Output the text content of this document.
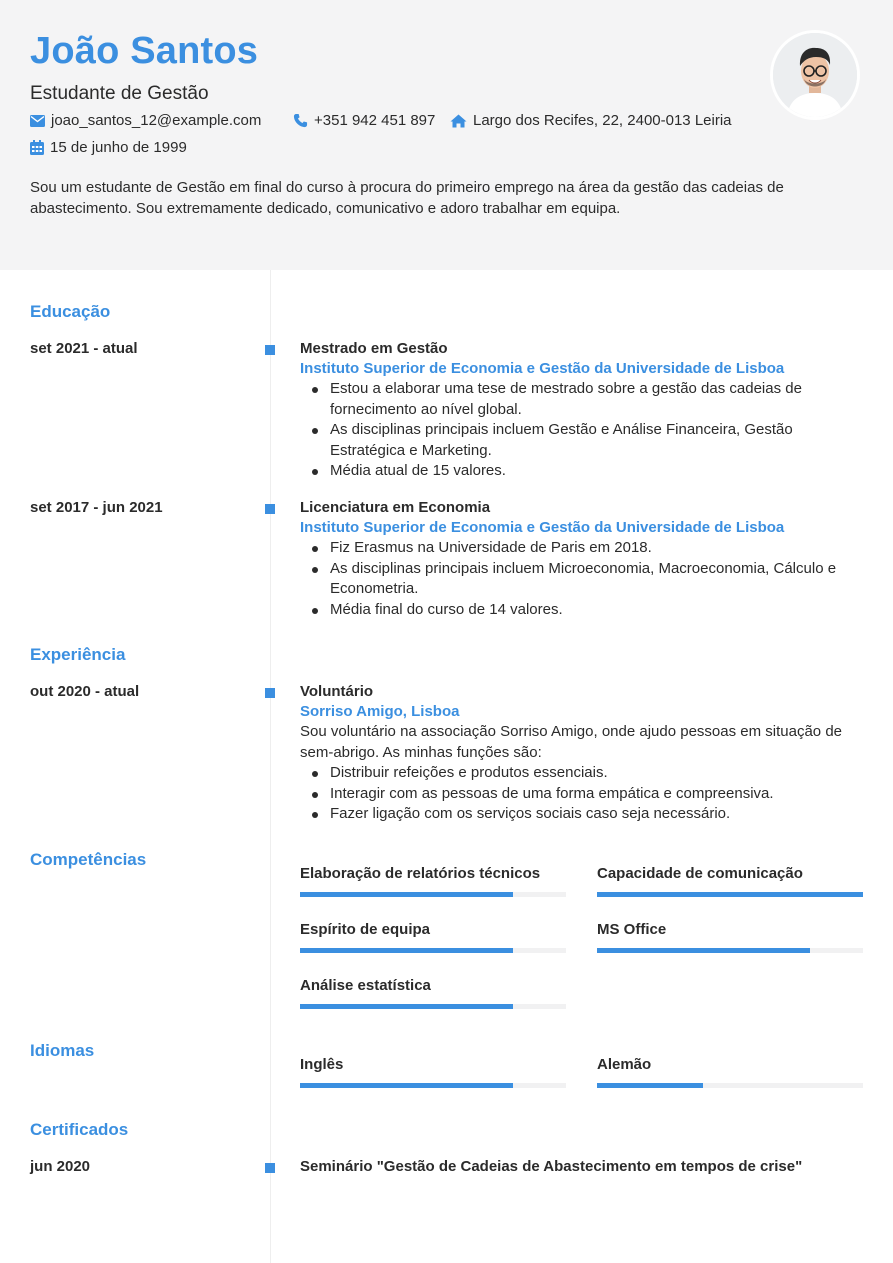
João Santos
Estudante de Gestão
joao_santos_12@example.com	+351 942 451 897	Largo dos Recifes, 22, 2400-013 Leiria
15 de junho de 1999
Sou um estudante de Gestão em final do curso à procura do primeiro emprego na área da gestão das cadeias de abastecimento. Sou extremamente dedicado, comunicativo e adoro trabalhar em equipa.
Educação
set 2021 - atual	Mestrado em Gestão
Instituto Superior de Economia e Gestão da Universidade de Lisboa
Estou a elaborar uma tese de mestrado sobre a gestão das cadeias de fornecimento ao nível global.
As disciplinas principais incluem Gestão e Análise Financeira, Gestão Estratégica e Marketing.
Média atual de 15 valores.
set 2017 - jun 2021	Licenciatura em Economia
Instituto Superior de Economia e Gestão da Universidade de Lisboa
Fiz Erasmus na Universidade de Paris em 2018.
As disciplinas principais incluem Microeconomia, Macroeconomia, Cálculo e Econometria.
Média final do curso de 14 valores.
Experiência
out 2020 - atual	Voluntário
Sorriso Amigo, Lisboa
Sou voluntário na associação Sorriso Amigo, onde ajudo pessoas em situação de sem-abrigo. As minhas funções são:
Distribuir refeições e produtos essenciais.
Interagir com as pessoas de uma forma empática e compreensiva.
Fazer ligação com os serviços sociais caso seja necessário.
Competências
Elaboração de relatórios técnicos	Capacidade de comunicação
Espírito de equipa	MS Office
Análise estatística
Idiomas
Inglês	Alemão
Certificados
jun 2020	Seminário "Gestão de Cadeias de Abastecimento em tempos de crise"
